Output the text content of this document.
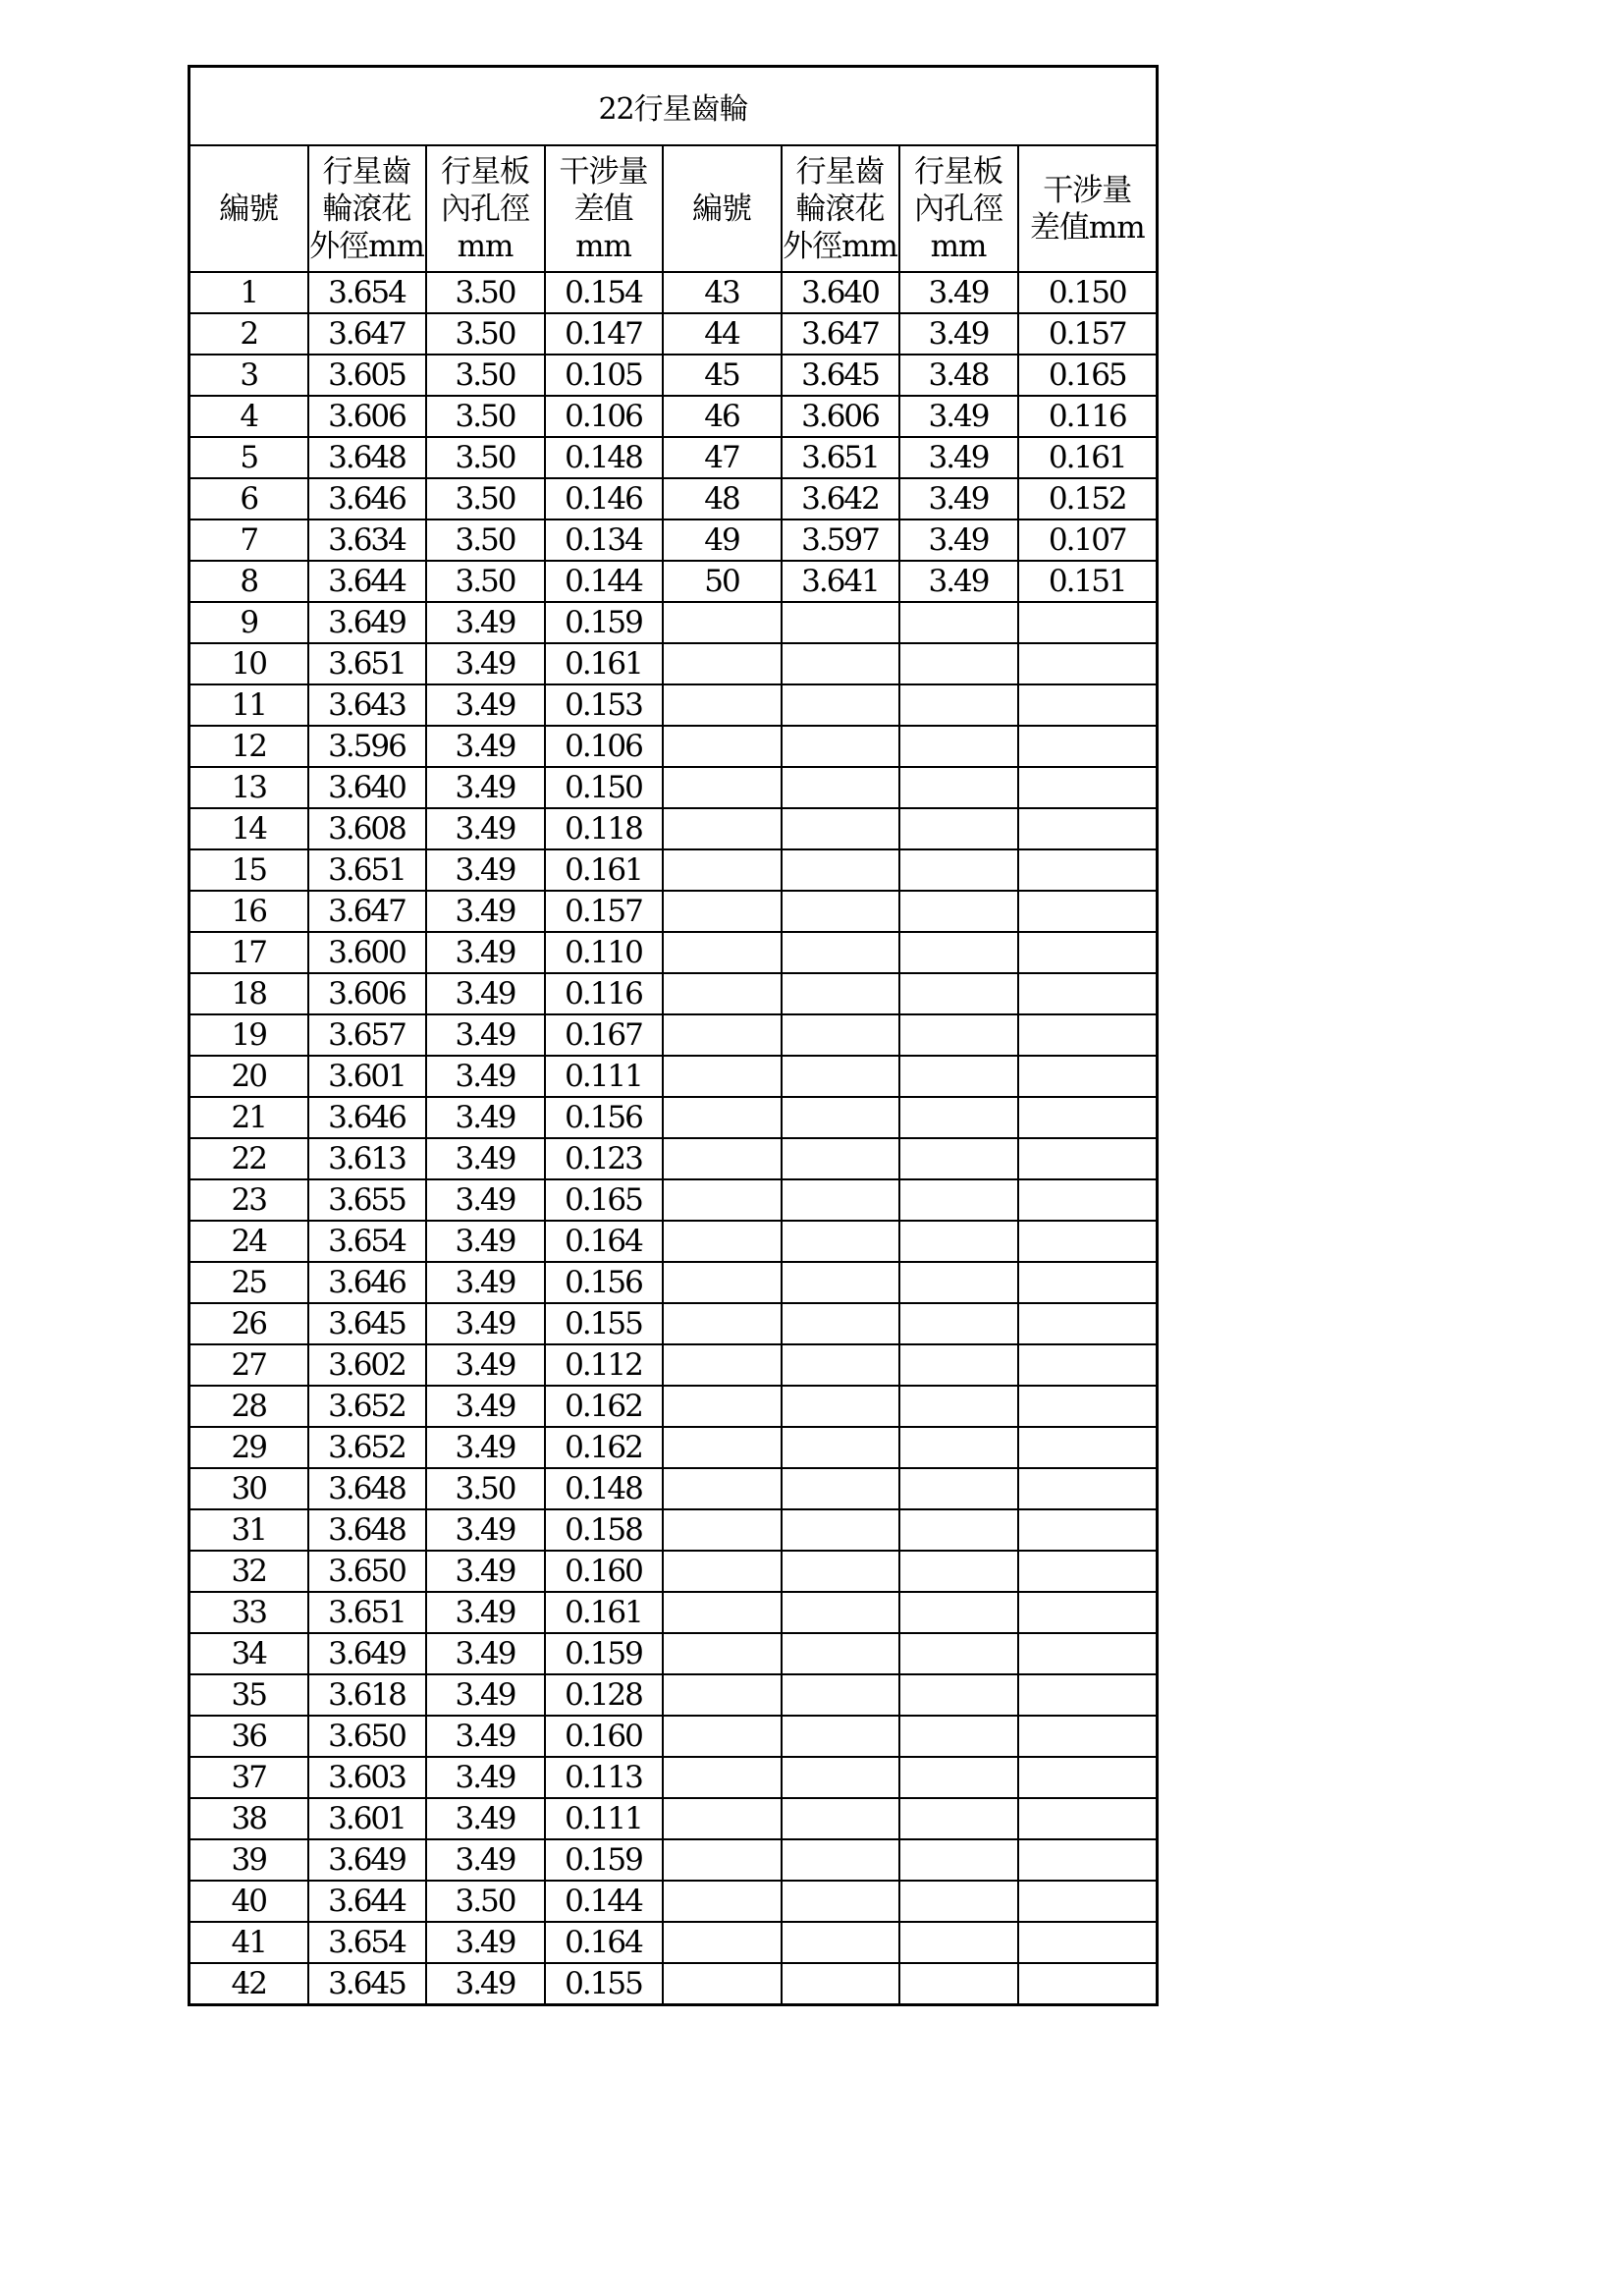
22行星齒輪							
編號	行星齒
輪滾花
外徑mm	行星板
內孔徑
mm	干涉量
差值
mm	編號	行星齒
輪滾花
外徑mm	行星板
內孔徑
mm	干涉量
差值mm
1	3.654	3.50	0.154	43	3.640	3.49	0.150
2	3.647	3.50	0.147	44	3.647	3.49	0.157
3	3.605	3.50	0.105	45	3.645	3.48	0.165
4	3.606	3.50	0.106	46	3.606	3.49	0.116
5	3.648	3.50	0.148	47	3.651	3.49	0.161
6	3.646	3.50	0.146	48	3.642	3.49	0.152
7	3.634	3.50	0.134	49	3.597	3.49	0.107
8	3.644	3.50	0.144	50	3.641	3.49	0.151
9	3.649	3.49	0.159				
10	3.651	3.49	0.161				
11	3.643	3.49	0.153				
12	3.596	3.49	0.106				
13	3.640	3.49	0.150				
14	3.608	3.49	0.118				
15	3.651	3.49	0.161				
16	3.647	3.49	0.157				
17	3.600	3.49	0.110				
18	3.606	3.49	0.116				
19	3.657	3.49	0.167				
20	3.601	3.49	0.111				
21	3.646	3.49	0.156				
22	3.613	3.49	0.123				
23	3.655	3.49	0.165				
24	3.654	3.49	0.164				
25	3.646	3.49	0.156				
26	3.645	3.49	0.155				
27	3.602	3.49	0.112				
28	3.652	3.49	0.162				
29	3.652	3.49	0.162				
30	3.648	3.50	0.148				
31	3.648	3.49	0.158				
32	3.650	3.49	0.160				
33	3.651	3.49	0.161				
34	3.649	3.49	0.159				
35	3.618	3.49	0.128				
36	3.650	3.49	0.160				
37	3.603	3.49	0.113				
38	3.601	3.49	0.111				
39	3.649	3.49	0.159				
40	3.644	3.50	0.144				
41	3.654	3.49	0.164				
42	3.645	3.49	0.155				
